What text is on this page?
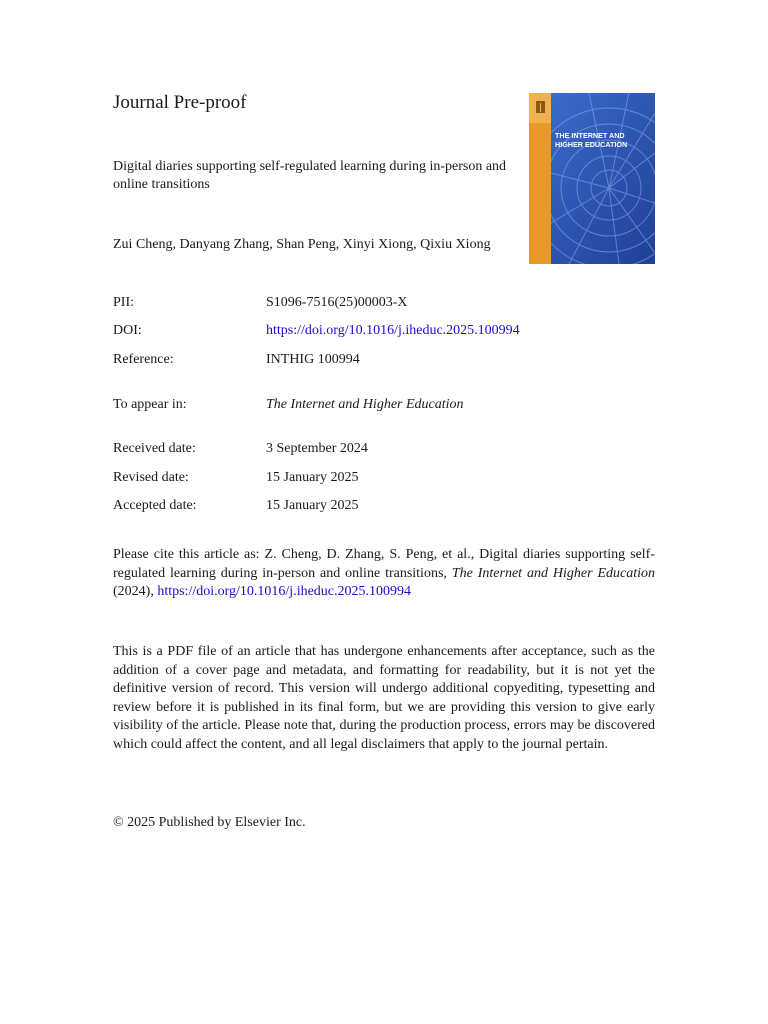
Journal Pre-proof
Digital diaries supporting self-regulated learning during in-person and online transitions
Zui Cheng, Danyang Zhang, Shan Peng, Xinyi Xiong, Qixiu Xiong
THE INTERNET AND
HIGHER EDUCATION
PII:	S1096-7516(25)00003-X
DOI:	https://doi.org/10.1016/j.iheduc.2025.100994
Reference:	INTHIG 100994
To appear in:	The Internet and Higher Education
Received date:	3 September 2024
Revised date:	15 January 2025
Accepted date:	15 January 2025
Please cite this article as: Z. Cheng, D. Zhang, S. Peng, et al., Digital diaries supporting self-regulated learning during in-person and online transitions, The Internet and Higher Education (2024), https://doi.org/10.1016/j.iheduc.2025.100994
This is a PDF file of an article that has undergone enhancements after acceptance, such as the addition of a cover page and metadata, and formatting for readability, but it is not yet the definitive version of record. This version will undergo additional copyediting, typesetting and review before it is published in its final form, but we are providing this version to give early visibility of the article. Please note that, during the production process, errors may be discovered which could affect the content, and all legal disclaimers that apply to the journal pertain.
© 2025 Published by Elsevier Inc.
